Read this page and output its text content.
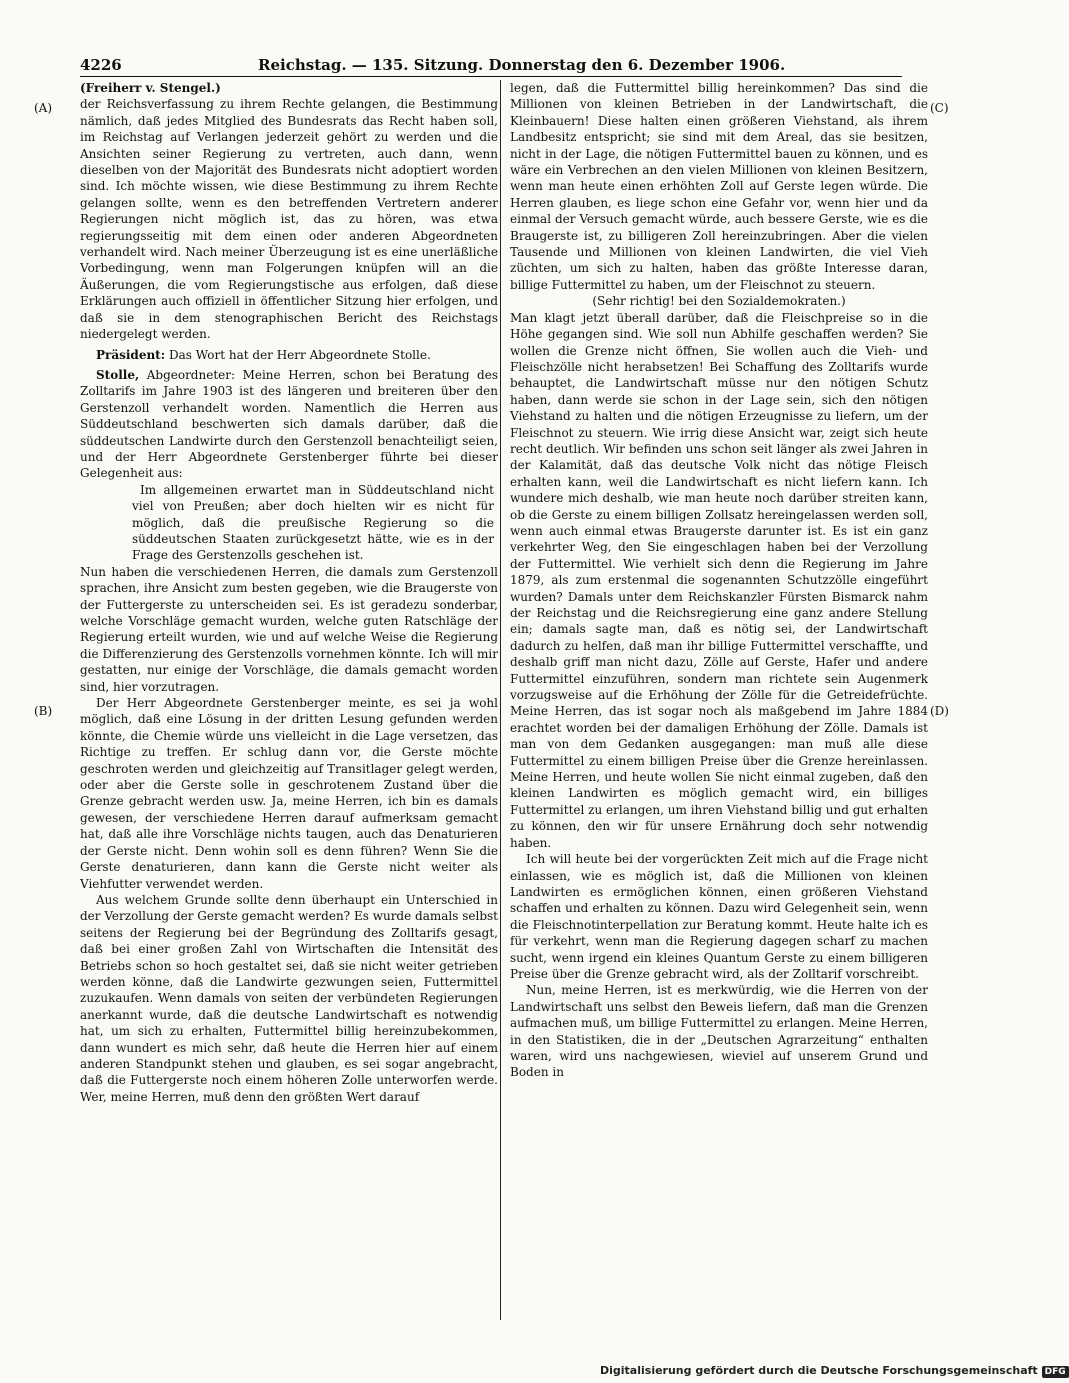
4226	Reichstag. — 135. Sitzung. Donnerstag den 6. Dezember 1906.
(A)
(B)
(C)
(D)

(Freiherr v. Stengel.)

der Reichsverfassung zu ihrem Rechte gelangen, die Bestimmung nämlich, daß jedes Mitglied des Bundesrats das Recht haben soll, im Reichstag auf Verlangen jederzeit gehört zu werden und die Ansichten seiner Regierung zu vertreten, auch dann, wenn dieselben von der Majorität des Bundesrats nicht adoptiert worden sind. Ich möchte wissen, wie diese Bestimmung zu ihrem Rechte gelangen sollte, wenn es den betreffenden Vertretern anderer Regierungen nicht möglich ist, das zu hören, was etwa regierungsseitig mit dem einen oder anderen Abgeordneten verhandelt wird. Nach meiner Überzeugung ist es eine unerläßliche Vorbedingung, wenn man Folgerungen knüpfen will an die Äußerungen, die vom Regierungstische aus erfolgen, daß diese Erklärungen auch offiziell in öffentlicher Sitzung hier erfolgen, und daß sie in dem stenographischen Bericht des Reichstags niedergelegt werden.

Präsident: Das Wort hat der Herr Abgeordnete Stolle.

Stolle, Abgeordneter: Meine Herren, schon bei Beratung des Zolltarifs im Jahre 1903 ist des längeren und breiteren über den Gerstenzoll verhandelt worden. Namentlich die Herren aus Süddeutschland beschwerten sich damals darüber, daß die süddeutschen Landwirte durch den Gerstenzoll benachteiligt seien, und der Herr Abgeordnete Gerstenberger führte bei dieser Gelegenheit aus:

Im allgemeinen erwartet man in Süddeutschland nicht viel von Preußen; aber doch hielten wir es nicht für möglich, daß die preußische Regierung so die süddeutschen Staaten zurückgesetzt hätte, wie es in der Frage des Gerstenzolls geschehen ist.

Nun haben die verschiedenen Herren, die damals zum Gerstenzoll sprachen, ihre Ansicht zum besten gegeben, wie die Braugerste von der Futtergerste zu unterscheiden sei. Es ist geradezu sonderbar, welche Vorschläge gemacht wurden, welche guten Ratschläge der Regierung erteilt wurden, wie und auf welche Weise die Regierung die Differenzierung des Gerstenzolls vornehmen könnte. Ich will mir gestatten, nur einige der Vorschläge, die damals gemacht worden sind, hier vorzutragen.

Der Herr Abgeordnete Gerstenberger meinte, es sei ja wohl möglich, daß eine Lösung in der dritten Lesung gefunden werden könnte, die Chemie würde uns vielleicht in die Lage versetzen, das Richtige zu treffen. Er schlug dann vor, die Gerste möchte geschroten werden und gleichzeitig auf Transitlager gelegt werden, oder aber die Gerste solle in geschrotenem Zustand über die Grenze gebracht werden usw. Ja, meine Herren, ich bin es damals gewesen, der verschiedene Herren darauf aufmerksam gemacht hat, daß alle ihre Vorschläge nichts taugen, auch das Denaturieren der Gerste nicht. Denn wohin soll es denn führen? Wenn Sie die Gerste denaturieren, dann kann die Gerste nicht weiter als Viehfutter verwendet werden.

Aus welchem Grunde sollte denn überhaupt ein Unterschied in der Verzollung der Gerste gemacht werden? Es wurde damals selbst seitens der Regierung bei der Begründung des Zolltarifs gesagt, daß bei einer großen Zahl von Wirtschaften die Intensität des Betriebs schon so hoch gestaltet sei, daß sie nicht weiter getrieben werden könne, daß die Landwirte gezwungen seien, Futtermittel zuzukaufen. Wenn damals von seiten der verbündeten Regierungen anerkannt wurde, daß die deutsche Landwirtschaft es notwendig hat, um sich zu erhalten, Futtermittel billig hereinzubekommen, dann wundert es mich sehr, daß heute die Herren hier auf einem anderen Standpunkt stehen und glauben, es sei sogar angebracht, daß die Futtergerste noch einem höheren Zolle unterworfen werde. Wer, meine Herren, muß denn den größten Wert darauf

legen, daß die Futtermittel billig hereinkommen? Das sind die Millionen von kleinen Betrieben in der Landwirtschaft, die Kleinbauern! Diese halten einen größeren Viehstand, als ihrem Landbesitz entspricht; sie sind mit dem Areal, das sie besitzen, nicht in der Lage, die nötigen Futtermittel bauen zu können, und es wäre ein Verbrechen an den vielen Millionen von kleinen Besitzern, wenn man heute einen erhöhten Zoll auf Gerste legen würde. Die Herren glauben, es liege schon eine Gefahr vor, wenn hier und da einmal der Versuch gemacht würde, auch bessere Gerste, wie es die Braugerste ist, zu billigeren Zoll hereinzubringen. Aber die vielen Tausende und Millionen von kleinen Landwirten, die viel Vieh züchten, um sich zu halten, haben das größte Interesse daran, billige Futtermittel zu haben, um der Fleischnot zu steuern.

(Sehr richtig! bei den Sozialdemokraten.)

Man klagt jetzt überall darüber, daß die Fleischpreise so in die Höhe gegangen sind. Wie soll nun Abhilfe geschaffen werden? Sie wollen die Grenze nicht öffnen, Sie wollen auch die Vieh- und Fleischzölle nicht herabsetzen! Bei Schaffung des Zolltarifs wurde behauptet, die Landwirtschaft müsse nur den nötigen Schutz haben, dann werde sie schon in der Lage sein, sich den nötigen Viehstand zu halten und die nötigen Erzeugnisse zu liefern, um der Fleischnot zu steuern. Wie irrig diese Ansicht war, zeigt sich heute recht deutlich. Wir befinden uns schon seit länger als zwei Jahren in der Kalamität, daß das deutsche Volk nicht das nötige Fleisch erhalten kann, weil die Landwirtschaft es nicht liefern kann. Ich wundere mich deshalb, wie man heute noch darüber streiten kann, ob die Gerste zu einem billigen Zollsatz hereingelassen werden soll, wenn auch einmal etwas Braugerste darunter ist. Es ist ein ganz verkehrter Weg, den Sie eingeschlagen haben bei der Verzollung der Futtermittel. Wie verhielt sich denn die Regierung im Jahre 1879, als zum erstenmal die sogenannten Schutzzölle eingeführt wurden? Damals unter dem Reichskanzler Fürsten Bismarck nahm der Reichstag und die Reichsregierung eine ganz andere Stellung ein; damals sagte man, daß es nötig sei, der Landwirtschaft dadurch zu helfen, daß man ihr billige Futtermittel verschaffte, und deshalb griff man nicht dazu, Zölle auf Gerste, Hafer und andere Futtermittel einzuführen, sondern man richtete sein Augenmerk vorzugsweise auf die Erhöhung der Zölle für die Getreidefrüchte. Meine Herren, das ist sogar noch als maßgebend im Jahre 1884 erachtet worden bei der damaligen Erhöhung der Zölle. Damals ist man von dem Gedanken ausgegangen: man muß alle diese Futtermittel zu einem billigen Preise über die Grenze hereinlassen. Meine Herren, und heute wollen Sie nicht einmal zugeben, daß den kleinen Landwirten es möglich gemacht wird, ein billiges Futtermittel zu erlangen, um ihren Viehstand billig und gut erhalten zu können, den wir für unsere Ernährung doch sehr notwendig haben.

Ich will heute bei der vorgerückten Zeit mich auf die Frage nicht einlassen, wie es möglich ist, daß die Millionen von kleinen Landwirten es ermöglichen können, einen größeren Viehstand schaffen und erhalten zu können. Dazu wird Gelegenheit sein, wenn die Fleischnotinterpellation zur Beratung kommt. Heute halte ich es für verkehrt, wenn man die Regierung dagegen scharf zu machen sucht, wenn irgend ein kleines Quantum Gerste zu einem billigeren Preise über die Grenze gebracht wird, als der Zolltarif vorschreibt.

Nun, meine Herren, ist es merkwürdig, wie die Herren von der Landwirtschaft uns selbst den Beweis liefern, daß man die Grenzen aufmachen muß, um billige Futtermittel zu erlangen. Meine Herren, in den Statistiken, die in der „Deutschen Agrarzeitung“ enthalten waren, wird uns nachgewiesen, wieviel auf unserem Grund und Boden in

Digitalisierung gefördert durch die Deutsche Forschungsgemeinschaft DFG
